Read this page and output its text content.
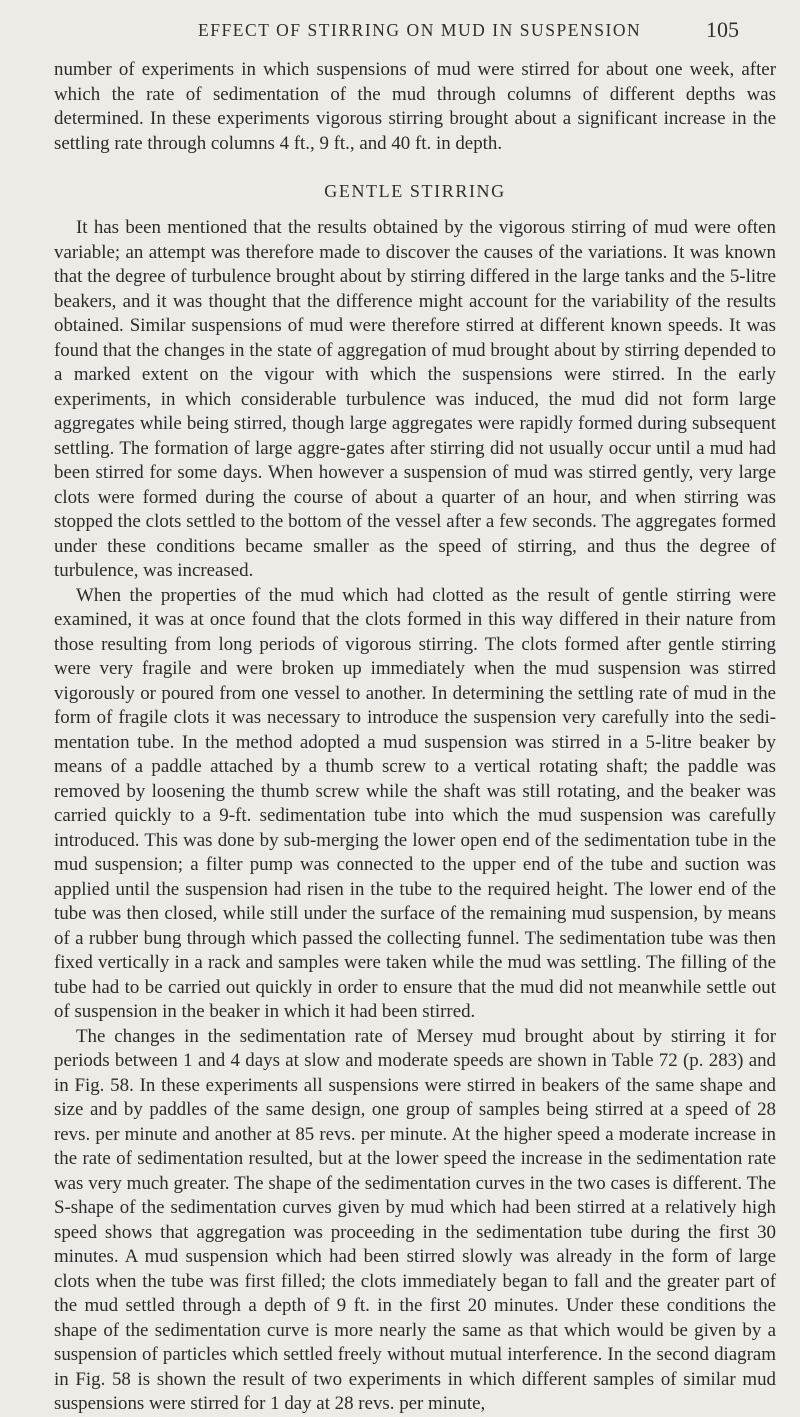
EFFECT OF STIRRING ON MUD IN SUSPENSION	105

number of experiments in which suspensions of mud were stirred for about one week, after which the rate of sedimentation of the mud through columns of different depths was determined. In these experiments vigorous stirring brought about a significant increase in the settling rate through columns 4 ft., 9 ft., and 40 ft. in depth.

GENTLE STIRRING

It has been mentioned that the results obtained by the vigorous stirring of mud were often variable; an attempt was therefore made to discover the causes of the variations. It was known that the degree of turbulence brought about by stirring differed in the large tanks and the 5-litre beakers, and it was thought that the difference might account for the variability of the results obtained. Similar suspensions of mud were therefore stirred at different known speeds. It was found that the changes in the state of aggregation of mud brought about by stirring depended to a marked extent on the vigour with which the suspensions were stirred. In the early experiments, in which considerable turbulence was induced, the mud did not form large aggregates while being stirred, though large aggregates were rapidly formed during subsequent settling. The formation of large aggre-gates after stirring did not usually occur until a mud had been stirred for some days. When however a suspension of mud was stirred gently, very large clots were formed during the course of about a quarter of an hour, and when stirring was stopped the clots settled to the bottom of the vessel after a few seconds. The aggregates formed under these conditions became smaller as the speed of stirring, and thus the degree of turbulence, was increased.

When the properties of the mud which had clotted as the result of gentle stirring were examined, it was at once found that the clots formed in this way differed in their nature from those resulting from long periods of vigorous stirring. The clots formed after gentle stirring were very fragile and were broken up immediately when the mud suspension was stirred vigorously or poured from one vessel to another. In determining the settling rate of mud in the form of fragile clots it was necessary to introduce the suspension very carefully into the sedi-mentation tube. In the method adopted a mud suspension was stirred in a 5-litre beaker by means of a paddle attached by a thumb screw to a vertical rotating shaft; the paddle was removed by loosening the thumb screw while the shaft was still rotating, and the beaker was carried quickly to a 9-ft. sedimentation tube into which the mud suspension was carefully introduced. This was done by sub-merging the lower open end of the sedimentation tube in the mud suspension; a filter pump was connected to the upper end of the tube and suction was applied until the suspension had risen in the tube to the required height. The lower end of the tube was then closed, while still under the surface of the remaining mud suspension, by means of a rubber bung through which passed the collecting funnel. The sedimentation tube was then fixed vertically in a rack and samples were taken while the mud was settling. The filling of the tube had to be carried out quickly in order to ensure that the mud did not meanwhile settle out of suspension in the beaker in which it had been stirred.

The changes in the sedimentation rate of Mersey mud brought about by stirring it for periods between 1 and 4 days at slow and moderate speeds are shown in Table 72 (p. 283) and in Fig. 58. In these experiments all suspensions were stirred in beakers of the same shape and size and by paddles of the same design, one group of samples being stirred at a speed of 28 revs. per minute and another at 85 revs. per minute. At the higher speed a moderate increase in the rate of sedimentation resulted, but at the lower speed the increase in the sedimentation rate was very much greater. The shape of the sedimentation curves in the two cases is different. The S-shape of the sedimentation curves given by mud which had been stirred at a relatively high speed shows that aggregation was proceeding in the sedimentation tube during the first 30 minutes. A mud suspension which had been stirred slowly was already in the form of large clots when the tube was first filled; the clots immediately began to fall and the greater part of the mud settled through a depth of 9 ft. in the first 20 minutes. Under these conditions the shape of the sedimentation curve is more nearly the same as that which would be given by a suspension of particles which settled freely without mutual interference. In the second diagram in Fig. 58 is shown the result of two experiments in which different samples of similar mud suspensions were stirred for 1 day at 28 revs. per minute,
